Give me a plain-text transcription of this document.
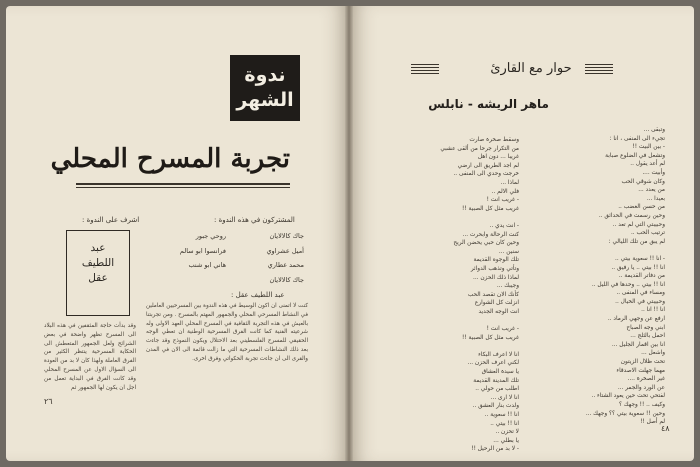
ندوة
الشهر
تجربة المسرح المحلي
المشتركون في هذه الندوة :
اشرف على الندوة :
جاك كالالايان
أميل عشراوي
محمد عطاري
جاك كالالايان
روحي جبور
فرانسوا ابو سالم
هاني ابو شنب
عبد
اللطيف
عقل
عبد اللطيف عقل :
كنت لا اتمنى ان اكون الوسيط في هذه الندوة بين المسرحيين العاملين في النشاط المسرحي المحلي والجمهور المهتم بالمسرح . ومن تجربتنا بالعيش في هذه التجربة الثقافية في المسرح المحلي العهد الاولى وله شرعيته الفنية كما كانت الفرق المسرحية الوطنية ان تعطي الوجه الحقيقي للمسرح الفلسطيني بعد الاحتلال ويكون النموذج وقد جاءت بعد ذلك النشاطات المسرحية التي ما زالت قائمة الى الان في المدن والقرى الى ان جاءت تجربة الحكواتي وفرق اخرى.
وقد بدأت حاجة المثقفين في هذه البلاد الى المسرح تظهر واضحة في بعض الشرائح ولعل الجمهور المتعطش الى الحكاية المسرحية ينتظر الكثير من الفرق العاملة ولهذا كان لا بد من العودة الى السؤال الاول عن المسرح المحلي وقد كانت الفرق في البداية تعمل من اجل ان يكون لها الجمهور ثم
٢٦
حوار مع القارئ
ماهر الريشه - نابلس
وتبقى ...
تجيء الى المنفى ، انا :
- بين البيت !!
وتشعل في الضلوع صبابة
لم أعد يقول ..
وأبيت ....
وكان شوقي الحب
من يعدد ...
بعيدا ...
من حسن الغضب ..
وحين رسمت في الحدائق ..
وحبيبتي التي لم تعد ..
ترتيب الحب ..
لم يبق من تلك الليالي :

- انا !! سعوية بيتي ..
انا !! بيتي .. يا رفيق ..
من دفاتر القديمة ..
انا !! بيتي .. وحدها في الليل ..
ومساء في المنفى ..
وحبيبتي في الخيال ..
انا !! انا ..
ارفع عن وجهي الرماد ..
ابني وجه الصباح
احمل بالثلج ...
انا بين اقمار الجليل ...
واشعل ...
تحت ظلال الزيتون
مهما جهلت الاصدقاء
غير الصخرة ....
عن الورد والجمر ...
لفتحي تحت حين يعود الشتاء ..
وكيف .. !! وجهك ؟
وحين !! سعوية بيتي ؟؟ وجهك ...
لم أصل !!
وسقط صخرة صارت
من التكرار جرحا من ألقى عشبي
غريبا ... دون اهل
لم اجد الطريق الى ارضي
خرجت وحدي الى المنفى ..
لماذا ...
فلي الالم ..
- غريب انت !
غريب مثل كل الصبية !!

- انت يدي ..
كنت الرحالة وابحرت ...
وحين كان حبي يحضن الريح
سنين ...
تلك الوجوه القديمة
وتأتي وتذهب الدوائر
لماذا ذلك الحزن ...
وجيبك ...
كأنك الان تقصد الحب
انزلت كل الشوارع
انت الوجه الجديد

- غريب انت !
غريب مثل كل الصبية !!

انا لا اعرف البكاء
لكني اعرف الحزن ...
يا سيدة العشاق
تلك المدينة القديمة
اطلب من حولي ..
انا لا ارى ...
ولدت بنار العشق ..
انا !! سعوية ..
انا !! بيتي ..
لا تحزن ..
يا بطلي ...
- لا بد من الرحيل !!
٤٨
